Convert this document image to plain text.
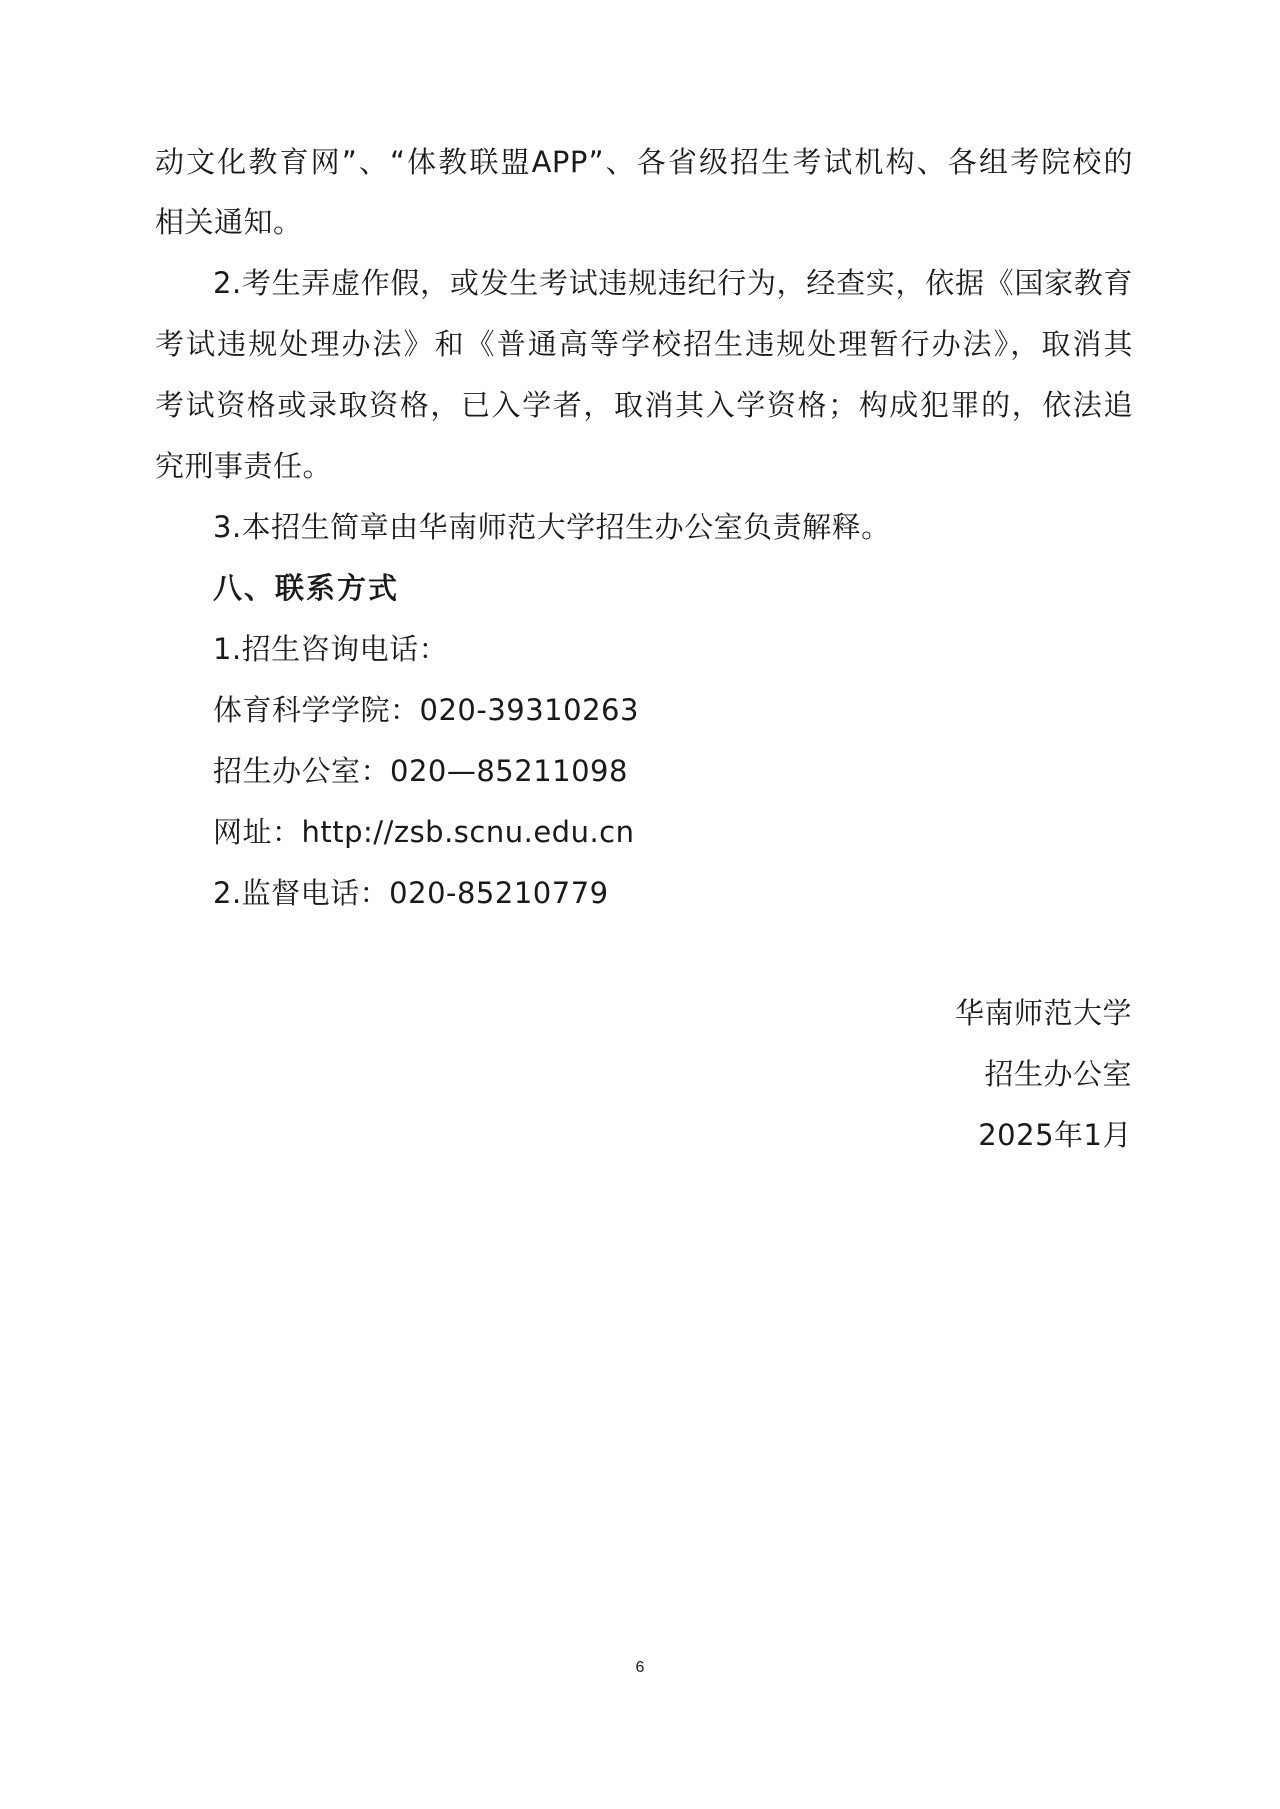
动文化教育网”、“体教联盟APP”、各省级招生考试机构、各组考院校的
相关通知。
2.考生弄虚作假，或发生考试违规违纪行为，经查实，依据《国家教育
考试违规处理办法》和《普通高等学校招生违规处理暂行办法》，取消其
考试资格或录取资格，已入学者，取消其入学资格；构成犯罪的，依法追
究刑事责任。
3.本招生简章由华南师范大学招生办公室负责解释。
八、联系方式
1.招生咨询电话：
体育科学学院：020-39310263
招生办公室：020—85211098
网址：http://zsb.scnu.edu.cn
2.监督电话：020-85210779
华南师范大学
招生办公室
2025年1月
6
